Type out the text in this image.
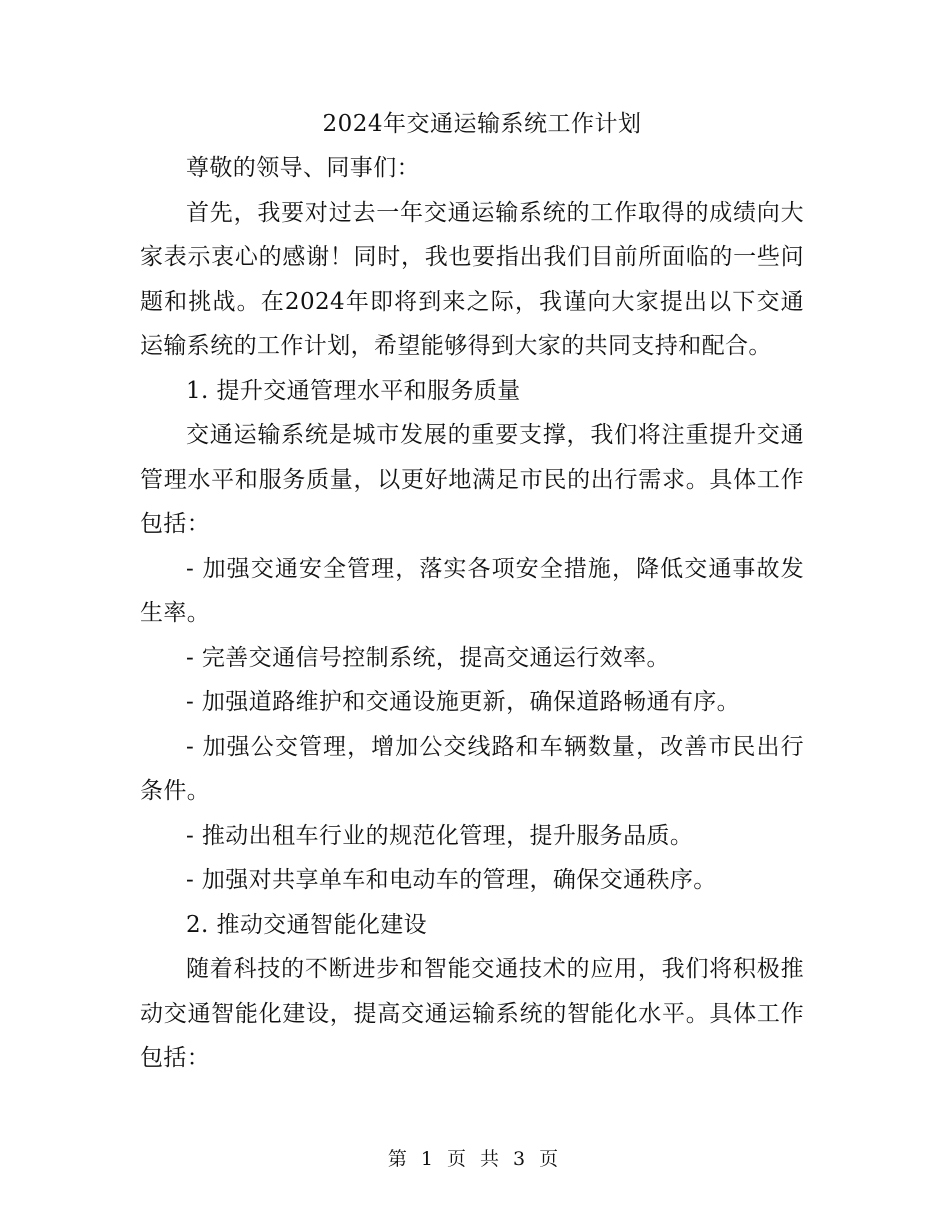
2024年交通运输系统工作计划

尊敬的领导、同事们：

首先，我要对过去一年交通运输系统的工作取得的成绩向大家表示衷心的感谢！同时，我也要指出我们目前所面临的一些问题和挑战。在2024年即将到来之际，我谨向大家提出以下交通运输系统的工作计划，希望能够得到大家的共同支持和配合。

1. 提升交通管理水平和服务质量

交通运输系统是城市发展的重要支撑，我们将注重提升交通管理水平和服务质量，以更好地满足市民的出行需求。具体工作包括：

- 加强交通安全管理，落实各项安全措施，降低交通事故发生率。

- 完善交通信号控制系统，提高交通运行效率。

- 加强道路维护和交通设施更新，确保道路畅通有序。

- 加强公交管理，增加公交线路和车辆数量，改善市民出行条件。

- 推动出租车行业的规范化管理，提升服务品质。

- 加强对共享单车和电动车的管理，确保交通秩序。

2. 推动交通智能化建设

随着科技的不断进步和智能交通技术的应用，我们将积极推动交通智能化建设，提高交通运输系统的智能化水平。具体工作包括：

第 1 页 共 3 页
